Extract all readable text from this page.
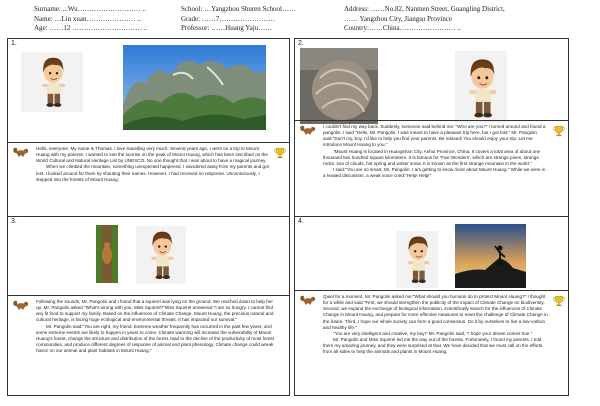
Surname: ...Wu……………………… ..
Name: …Lin xuan………………… ..
Age: ……12 ………………………… ..
School: …Yangzhou Shuren School……
Grade: ……7……………………
Professor: ……Huang Yaju……
Address: ……No.82, Nanmen Street, Guangling District,
…… Yangzhou City, Jiangsu Province
Country:……China…………………… ..
1.

Hello, everyone. My name is Thomas. I love travelling very much. Several years ago, I went on a trip to Mount Huang with my parents. I wanted to see the sunrise on the peak of Mount Huang, which has been inscribed on the World Cultural and Natural Heritage List by UNESCO. No one thought that I was about to have a magical journey.

When we climbed the mountain, something unexpected happened. I wandered away from my parents and got lost. I looked around for them by shouting their names. However, I had received no response. Unconsciously, I stepped into the forests of Mount Huang.

2.

I couldn't find my way back. Suddenly, someone said behind me: "Who are you?" I turned around and found a pangolin. I said "Hello, Mr. Pangolin. I was meant to have a pleasant trip here, but I got lost." Mr. Pangolin said:"Don't cry, boy. I'd like to help you find your parents. Be relaxed! You should enjoy your trip. Let me introduce Mount Huang to you."

"Mount Huang is located in Huangshan City, Anhui Province, China. It covers a total area of about one thousand two hundred square kilometers. It is famous for 'Five Wonders', which are strange pines, strange rocks, sea of clouds, hot spring and winter snow. It is known as the first strange mountain in the world."

I said:"You are so smart, Mr. Pangolin. I am getting to know more about Mount Huang." While we were in a heated discussion, a weak voice cried:"Help! Help!"

3.

Following the sounds, Mr. Pangolin and I found that a squirrel was lying on the ground. We reached down to help her up. Mr. Pangolin asked "What's wrong with you, Miss Squirrel?"Miss Squirrel answered:"I am so hungry. I cannot find any fit food to support my family. Based on the influences of Climate Change, Mount Huang, the precious natural and cultural heritage, is facing huge ecological and environmental threats. It has impacted our survival."

Mr. Pangolin said:"You are right, my friend. Extreme weather frequently has occurred in the past few years, and some extreme events are likely to happen in years to come. Climate warming will increase the vulnerability of Mount Huang's forest, change the structure and distribution of the forest, lead to the decline of the productivity of most forest communities, and produce different degrees of response of animal and plant phenology. Climate change could wreak havoc on our animal and plant habitats in Mount Huang."

4.

Quiet for a moment, Mr. Pangolin asked me:"What should you humans do to protect Mount Huang?" I thought for a while and said:"First, we should strengthen the publicity of the impact of Climate Change on biodiversity. Second, we expand the exchange of biological information, scientifically search for the influences of Climate Change in Mount Huang, and prepare for more effective measures to meet the challenge of Climate Change in the future. Third, I hope our whole society can form a good consensus. Do it by ourselves to live a low-carbon and healthy life."

"You are very intelligent and creative, my boy!" Mr. Pangolin said, "I hope your dream comes true."

Mr. Pangolin and Miss Squirrel led me the way out of the forests. Fortunately, I found my parents. I told them my amazing journey, and they were surprised at that. We have decided that we must call on the efforts from all sides to help the animals and plants in Mount Huang.
